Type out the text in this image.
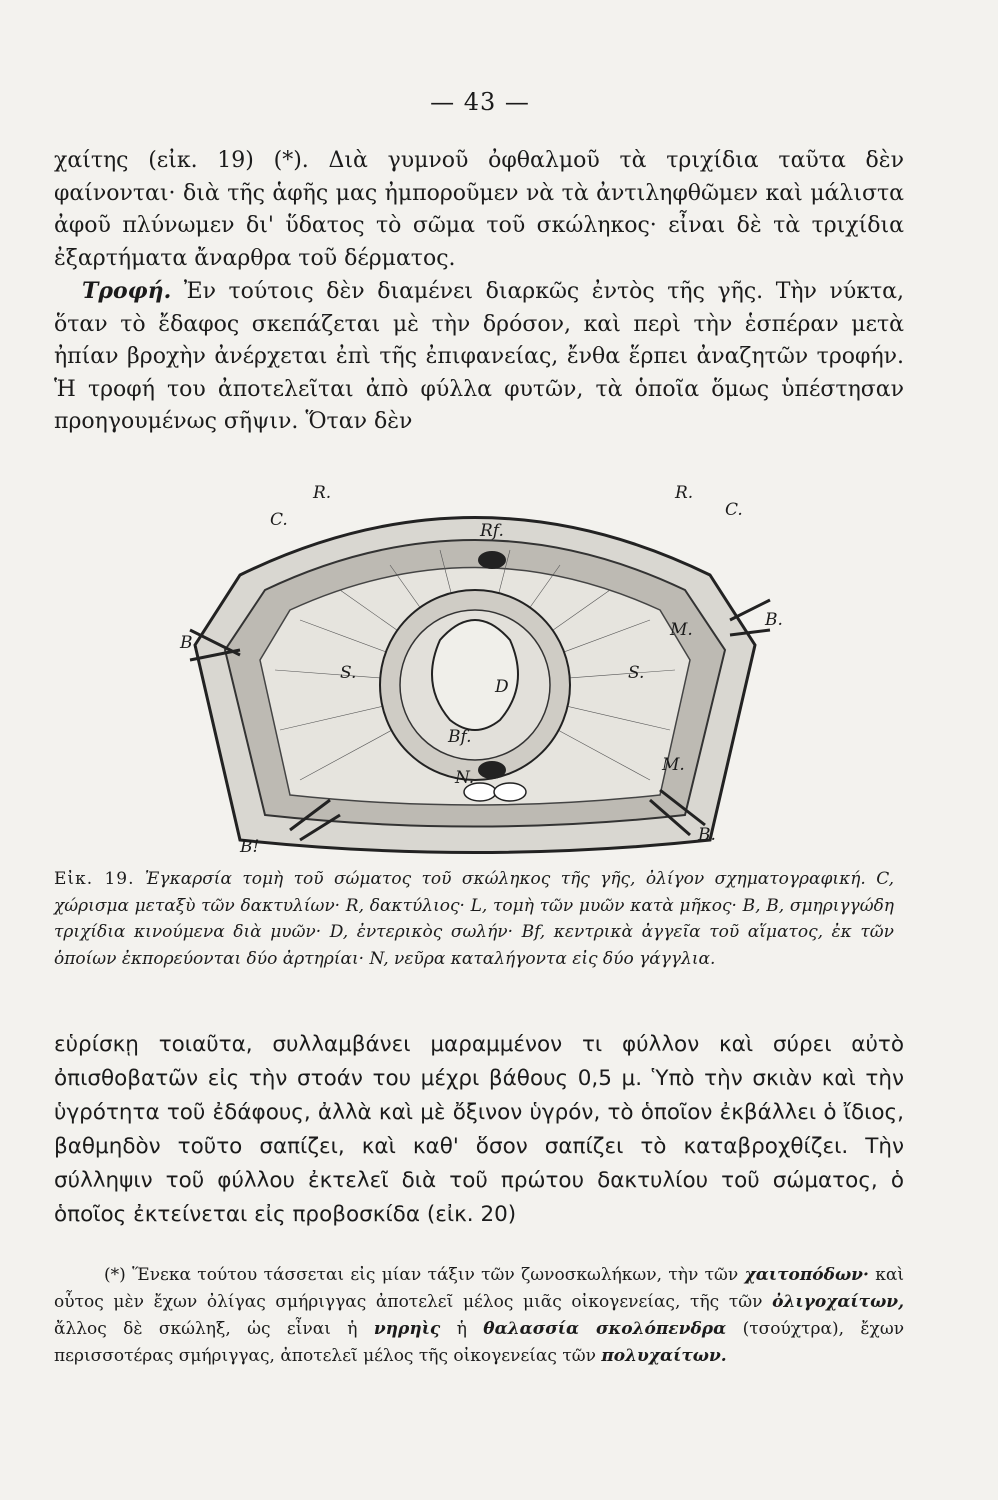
— 43 —

χαίτης (εἰκ. 19) (*). Διὰ γυμνοῦ ὀφθαλμοῦ τὰ τριχίδια ταῦτα δὲν φαίνονται· διὰ τῆς ἁφῆς μας ἠμποροῦμεν νὰ τὰ ἀντιληφθῶμεν καὶ μάλιστα ἀφοῦ πλύνωμεν δι' ὕδατος τὸ σῶμα τοῦ σκώληκος· εἶναι δὲ τὰ τριχίδια ἐξαρτήματα ἄναρθρα τοῦ δέρματος.

Τροφή. Ἐν τούτοις δὲν διαμένει διαρκῶς ἐντὸς τῆς γῆς. Τὴν νύκτα, ὅταν τὸ ἔδαφος σκεπάζεται μὲ τὴν δρόσον, καὶ περὶ τὴν ἑσπέραν μετὰ ἠπίαν βροχὴν ἀνέρχεται ἐπὶ τῆς ἐπιφανείας, ἔνθα ἕρπει ἀναζητῶν τροφήν. Ἡ τροφή του ἀποτελεῖται ἀπὸ φύλλα φυτῶν, τὰ ὁποῖα ὅμως ὑπέστησαν προηγουμένως σῆψιν. Ὅταν δὲν

R.	R.
C.	C.
Rf.
M.
B.
B.
S.	S.
D
Bf.
N.
M.
B!
B.
Εἰκ. 19. Ἐγκαρσία τομὴ τοῦ σώματος τοῦ σκώληκος τῆς γῆς, ὀλίγον σχηματογραφική. C, χώρισμα μεταξὺ τῶν δακτυλίων· R, δακτύλιος· L, τομὴ τῶν μυῶν κατὰ μῆκος· B, B, σμηριγγώδη τριχίδια κινούμενα διὰ μυῶν· D, ἐντερικὸς σωλήν· Bf, κεντρικὰ ἀγγεῖα τοῦ αἵματος, ἐκ τῶν ὁποίων ἐκπορεύονται δύο ἀρτηρίαι· N, νεῦρα καταλήγοντα εἰς δύο γάγγλια.

εὑρίσκῃ τοιαῦτα, συλλαμβάνει μαραμμένον τι φύλλον καὶ σύρει αὐτὸ ὀπισθοβατῶν εἰς τὴν στοάν του μέχρι βάθους 0,5 μ. Ὑπὸ τὴν σκιὰν καὶ τὴν ὑγρότητα τοῦ ἐδάφους, ἀλλὰ καὶ μὲ ὄξινον ὑγρόν, τὸ ὁποῖον ἐκβάλλει ὁ ἴδιος, βαθμηδὸν τοῦτο σαπίζει, καὶ καθ' ὅσον σαπίζει τὸ καταβροχθίζει. Τὴν σύλληψιν τοῦ φύλλου ἐκτελεῖ διὰ τοῦ πρώτου δακτυλίου τοῦ σώματος, ὁ ὁποῖος ἐκτείνεται εἰς προβοσκίδα (εἰκ. 20)

(*) Ἕνεκα τούτου τάσσεται εἰς μίαν τάξιν τῶν ζωνοσκωλήκων, τὴν τῶν χαιτοπόδων· καὶ οὗτος μὲν ἔχων ὀλίγας σμήριγγας ἀποτελεῖ μέλος μιᾶς οἰκογενείας, τῆς τῶν ὀλιγοχαίτων, ἄλλος δὲ σκώληξ, ὡς εἶναι ἡ νηρηὶς ἡ θαλασσία σκολόπενδρα (τσούχτρα), ἔχων περισσοτέρας σμήριγγας, ἀποτελεῖ μέλος τῆς οἰκογενείας τῶν πολυχαίτων.
